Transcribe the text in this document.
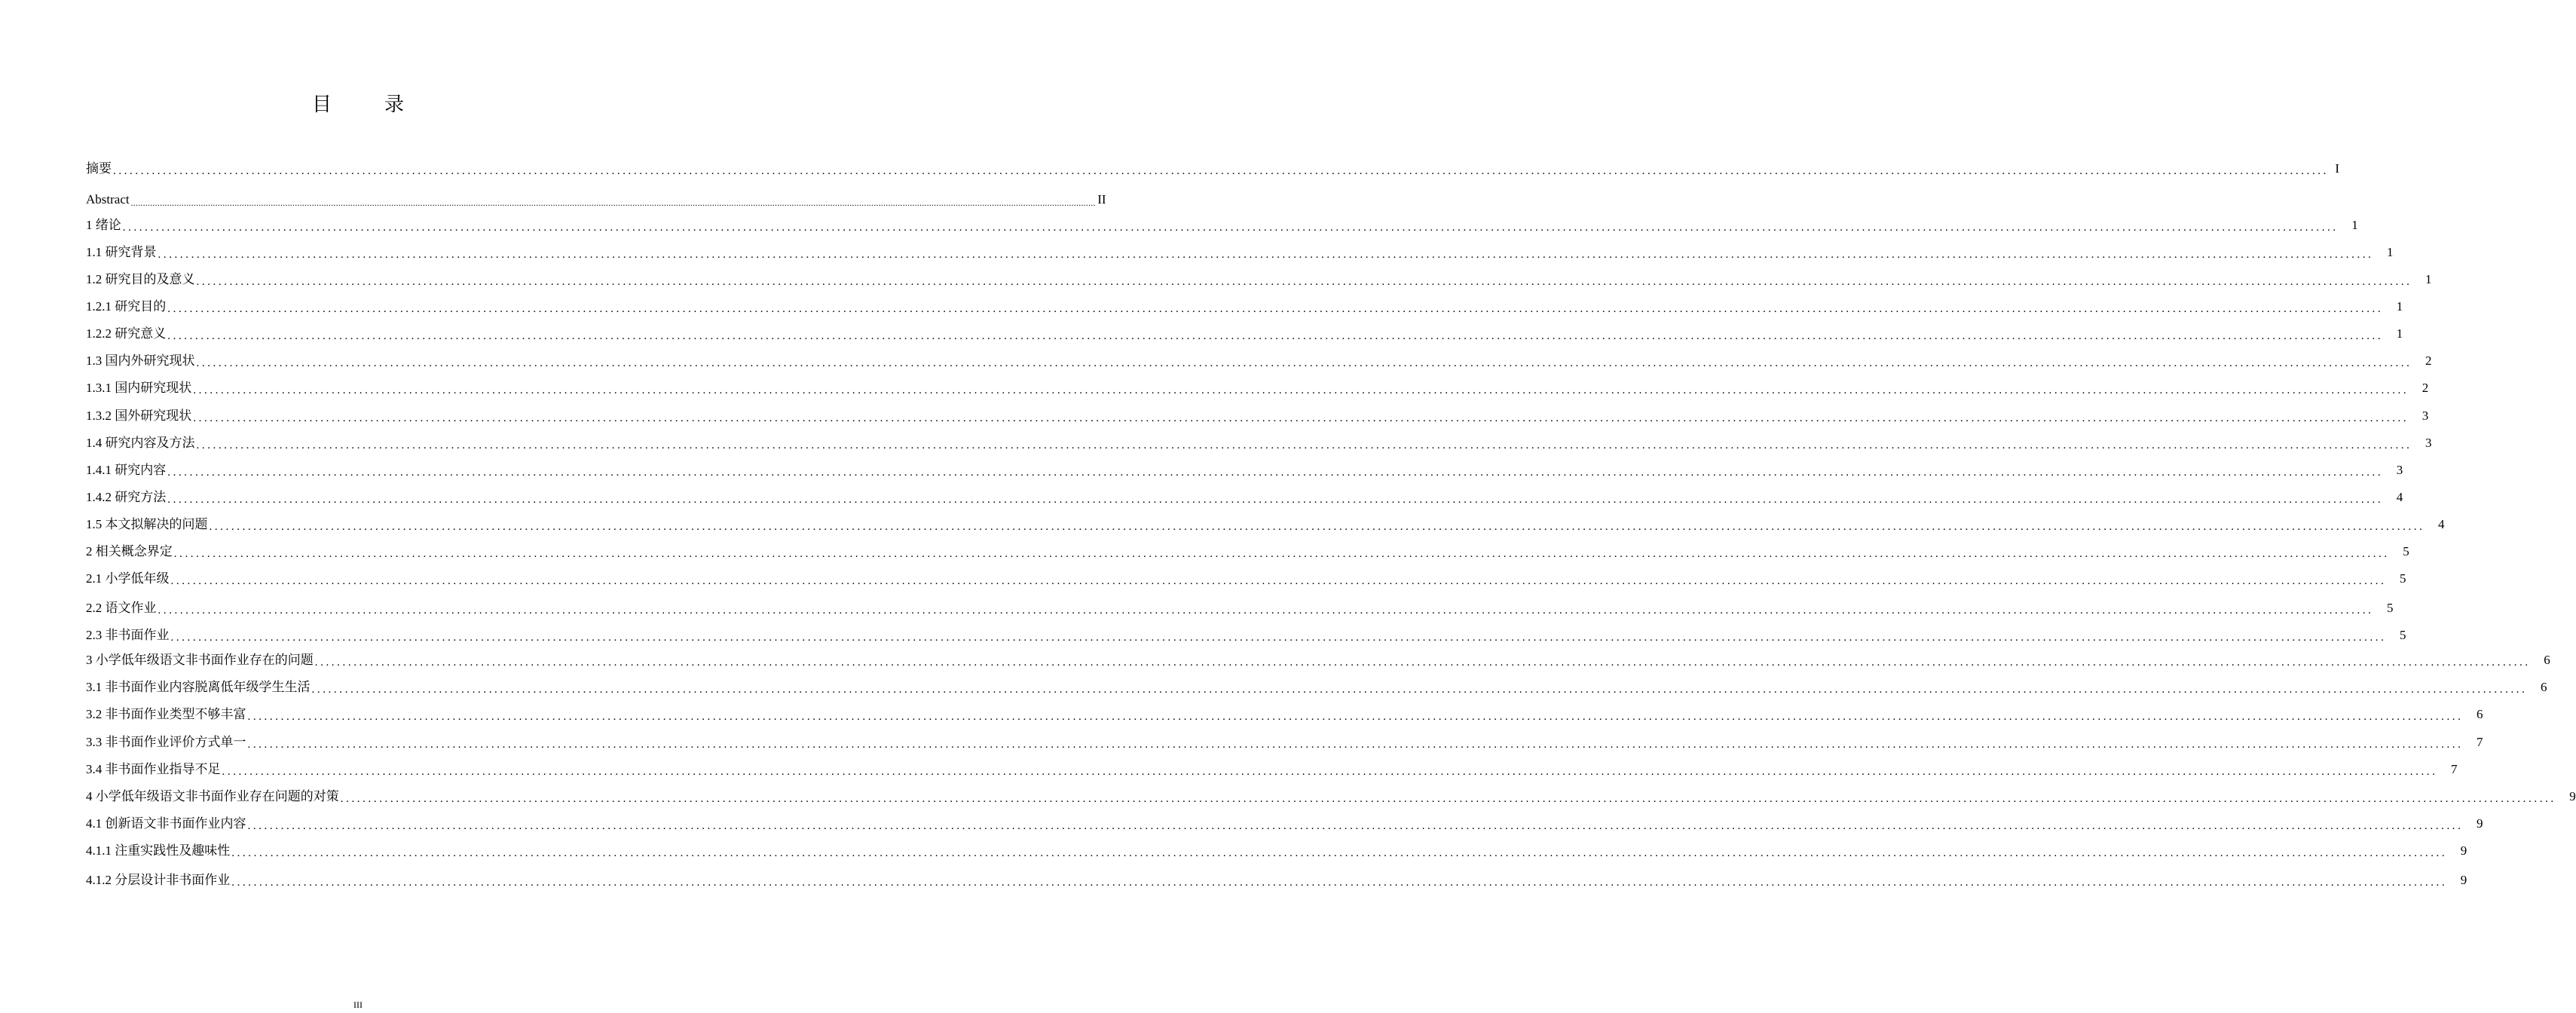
目　录
摘要 ................................................................................................................................................................................................................................................................................................................................................................................................................ I
Abstract ................................................................................................................................................................................................................................................................................................................................................................................................................ II
1 绪论 ................................................................................................................................................................................................................................................................................................................................................................................................................	1
1.1 研究背景 ................................................................................................................................................................................................................................................................................................................................................................................................................	1
1.2 研究目的及意义 ................................................................................................................................................................................................................................................................................................................................................................................................................	1
1.2.1 研究目的 ................................................................................................................................................................................................................................................................................................................................................................................................................	1
1.2.2 研究意义 ................................................................................................................................................................................................................................................................................................................................................................................................................	1
1.3 国内外研究现状 ................................................................................................................................................................................................................................................................................................................................................................................................................	2
1.3.1 国内研究现状 ................................................................................................................................................................................................................................................................................................................................................................................................................	2
1.3.2 国外研究现状 ................................................................................................................................................................................................................................................................................................................................................................................................................	3
1.4 研究内容及方法 ................................................................................................................................................................................................................................................................................................................................................................................................................	3
1.4.1 研究内容 ................................................................................................................................................................................................................................................................................................................................................................................................................	3
1.4.2 研究方法 ................................................................................................................................................................................................................................................................................................................................................................................................................	4
1.5 本文拟解决的问题 ................................................................................................................................................................................................................................................................................................................................................................................................................	4
2 相关概念界定 ................................................................................................................................................................................................................................................................................................................................................................................................................	5
2.1 小学低年级 ................................................................................................................................................................................................................................................................................................................................................................................................................	5
2.2 语文作业 ................................................................................................................................................................................................................................................................................................................................................................................................................	5
2.3 非书面作业 ................................................................................................................................................................................................................................................................................................................................................................................................................	5
3 小学低年级语文非书面作业存在的问题 ................................................................................................................................................................................................................................................................................................................................................................................................................	6
3.1 非书面作业内容脱离低年级学生生活 ................................................................................................................................................................................................................................................................................................................................................................................................................	6
3.2 非书面作业类型不够丰富 ................................................................................................................................................................................................................................................................................................................................................................................................................	6
3.3 非书面作业评价方式单一 ................................................................................................................................................................................................................................................................................................................................................................................................................	7
3.4 非书面作业指导不足 ................................................................................................................................................................................................................................................................................................................................................................................................................	7
4 小学低年级语文非书面作业存在问题的对策 ................................................................................................................................................................................................................................................................................................................................................................................................................	9
4.1 创新语文非书面作业内容 ................................................................................................................................................................................................................................................................................................................................................................................................................	9
4.1.1 注重实践性及趣味性 ................................................................................................................................................................................................................................................................................................................................................................................................................	9
4.1.2 分层设计非书面作业 ................................................................................................................................................................................................................................................................................................................................................................................................................	9
III
